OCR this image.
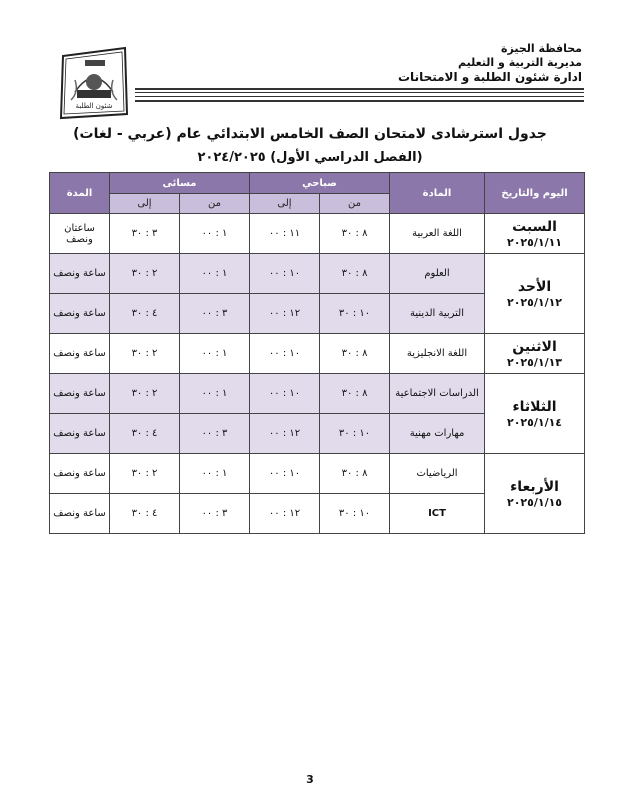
محافظة الجيزة
مديرية التربية و التعليم
ادارة شئون الطلبة و الامتحانات
شئون الطلبة
جدول استرشادى لامتحان الصف الخامس الابتدائي عام (عربي - لغات)
(الفصل الدراسي الأول) ٢٠٢٤/٢٠٢٥
اليوم والتاريخ	المادة	صباحي		مسائى		المدة
		من	إلى	من	إلى	

السبت
٢٠٢٥/١/١١	اللغة العربية	٨ : ٣٠	١١ : ٠٠	١ : ٠٠	٣ : ٣٠	ساعتان ونصف

الأحد
٢٠٢٥/١/١٢	العلوم	٨ : ٣٠	١٠ : ٠٠	١ : ٠٠	٢ : ٣٠	ساعة ونصف
	التربية الدينية	١٠ : ٣٠	١٢ : ٠٠	٣ : ٠٠	٤ : ٣٠	ساعة ونصف

الاثنين
٢٠٢٥/١/١٣	اللغة الانجليزية	٨ : ٣٠	١٠ : ٠٠	١ : ٠٠	٢ : ٣٠	ساعة ونصف

الثلاثاء
٢٠٢٥/١/١٤	الدراسات الاجتماعية	٨ : ٣٠	١٠ : ٠٠	١ : ٠٠	٢ : ٣٠	ساعة ونصف
	مهارات مهنية	١٠ : ٣٠	١٢ : ٠٠	٣ : ٠٠	٤ : ٣٠	ساعة ونصف

الأربعاء
٢٠٢٥/١/١٥	الرياضيات	٨ : ٣٠	١٠ : ٠٠	١ : ٠٠	٢ : ٣٠	ساعة ونصف
	ICT	١٠ : ٣٠	١٢ : ٠٠	٣ : ٠٠	٤ : ٣٠	ساعة ونصف
3
